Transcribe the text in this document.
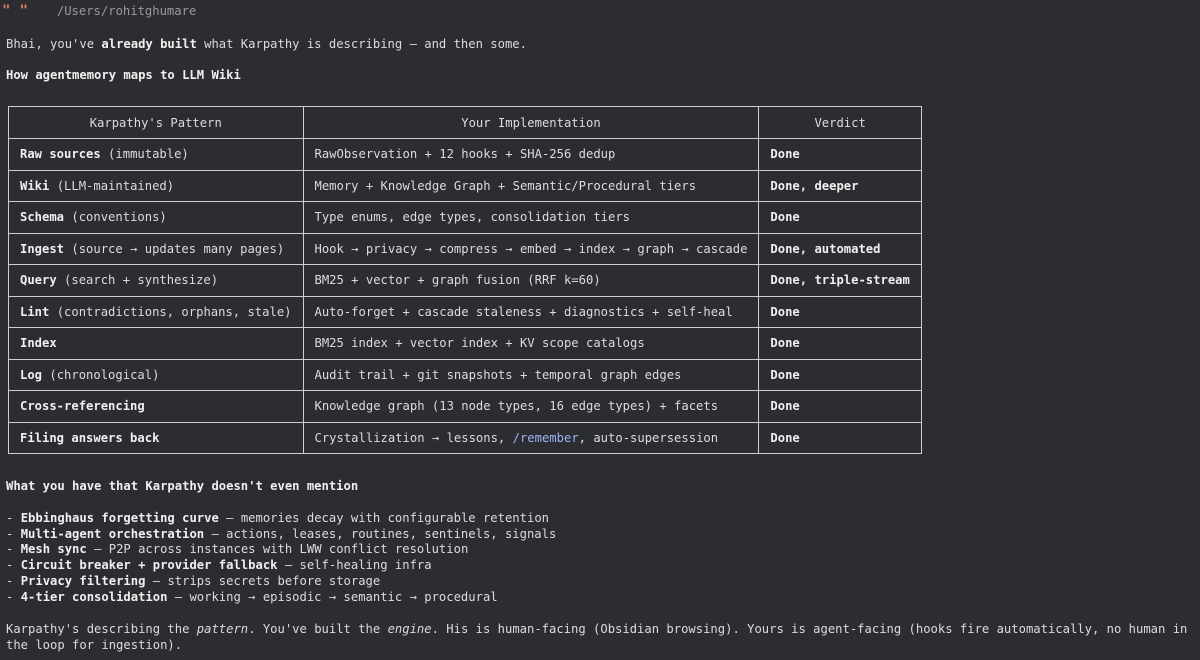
" " /Users/rohitghumare
Bhai, you've already built what Karpathy is describing — and then some.
How agentmemory maps to LLM Wiki
Karpathy's Pattern	Your Implementation	Verdict
Raw sources (immutable)	RawObservation + 12 hooks + SHA-256 dedup	Done
Wiki (LLM-maintained)	Memory + Knowledge Graph + Semantic/Procedural tiers	Done, deeper
Schema (conventions)	Type enums, edge types, consolidation tiers	Done
Ingest (source → updates many pages)	Hook → privacy → compress → embed → index → graph → cascade	Done, automated
Query (search + synthesize)	BM25 + vector + graph fusion (RRF k=60)	Done, triple-stream
Lint (contradictions, orphans, stale)	Auto-forget + cascade staleness + diagnostics + self-heal	Done
Index	BM25 index + vector index + KV scope catalogs	Done
Log (chronological)	Audit trail + git snapshots + temporal graph edges	Done
Cross-referencing	Knowledge graph (13 node types, 16 edge types) + facets	Done
Filing answers back	Crystallization → lessons, /remember, auto-supersession	Done
What you have that Karpathy doesn't even mention
- Ebbinghaus forgetting curve — memories decay with configurable retention
- Multi-agent orchestration — actions, leases, routines, sentinels, signals
- Mesh sync — P2P across instances with LWW conflict resolution
- Circuit breaker + provider fallback — self-healing infra
- Privacy filtering — strips secrets before storage
- 4-tier consolidation — working → episodic → semantic → procedural
Karpathy's describing the pattern. You've built the engine. His is human-facing (Obsidian browsing). Yours is agent-facing (hooks fire automatically, no human in the loop for ingestion).
